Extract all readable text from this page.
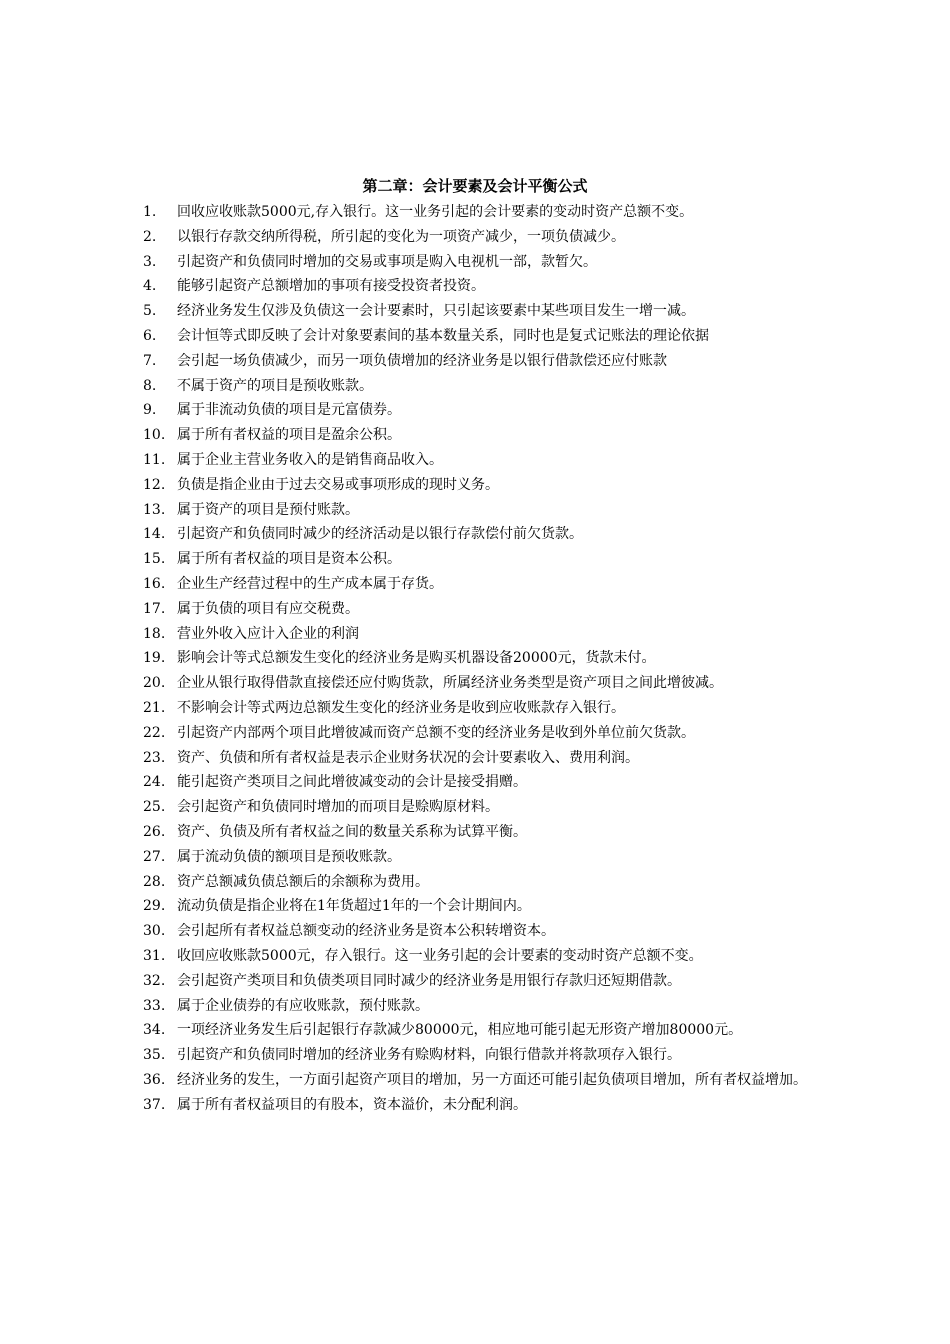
第二章：会计要素及会计平衡公式
1.	回收应收账款5000元,存入银行。这一业务引起的会计要素的变动时资产总额不变。
2.	以银行存款交纳所得税，所引起的变化为一项资产减少，一项负债减少。
3.	引起资产和负债同时增加的交易或事项是购入电视机一部，款暂欠。
4.	能够引起资产总额增加的事项有接受投资者投资。
5.	经济业务发生仅涉及负债这一会计要素时，只引起该要素中某些项目发生一增一减。
6.	会计恒等式即反映了会计对象要素间的基本数量关系，同时也是复式记账法的理论依据
7.	会引起一场负债减少，而另一项负债增加的经济业务是以银行借款偿还应付账款
8.	不属于资产的项目是预收账款。
9.	属于非流动负债的项目是元富债券。
10. 属于所有者权益的项目是盈余公积。
11. 属于企业主营业务收入的是销售商品收入。
12. 负债是指企业由于过去交易或事项形成的现时义务。
13. 属于资产的项目是预付账款。
14. 引起资产和负债同时减少的经济活动是以银行存款偿付前欠货款。
15. 属于所有者权益的项目是资本公积。
16. 企业生产经营过程中的生产成本属于存货。
17. 属于负债的项目有应交税费。
18. 营业外收入应计入企业的利润
19. 影响会计等式总额发生变化的经济业务是购买机器设备20000元，货款未付。
20. 企业从银行取得借款直接偿还应付购货款，所属经济业务类型是资产项目之间此增彼减。
21. 不影响会计等式两边总额发生变化的经济业务是收到应收账款存入银行。
22. 引起资产内部两个项目此增彼减而资产总额不变的经济业务是收到外单位前欠货款。
23. 资产、负债和所有者权益是表示企业财务状况的会计要素收入、费用利润。
24. 能引起资产类项目之间此增彼减变动的会计是接受捐赠。
25. 会引起资产和负债同时增加的而项目是赊购原材料。
26. 资产、负债及所有者权益之间的数量关系称为试算平衡。
27. 属于流动负债的额项目是预收账款。
28. 资产总额减负债总额后的余额称为费用。
29. 流动负债是指企业将在1年货超过1年的一个会计期间内。
30. 会引起所有者权益总额变动的经济业务是资本公积转增资本。
31. 收回应收账款5000元，存入银行。这一业务引起的会计要素的变动时资产总额不变。
32. 会引起资产类项目和负债类项目同时减少的经济业务是用银行存款归还短期借款。
33. 属于企业债券的有应收账款，预付账款。
34. 一项经济业务发生后引起银行存款减少80000元，相应地可能引起无形资产增加80000元。
35. 引起资产和负债同时增加的经济业务有赊购材料，向银行借款并将款项存入银行。
36. 经济业务的发生，一方面引起资产项目的增加，另一方面还可能引起负债项目增加，所有者权益增加。
37. 属于所有者权益项目的有股本，资本溢价，未分配利润。
